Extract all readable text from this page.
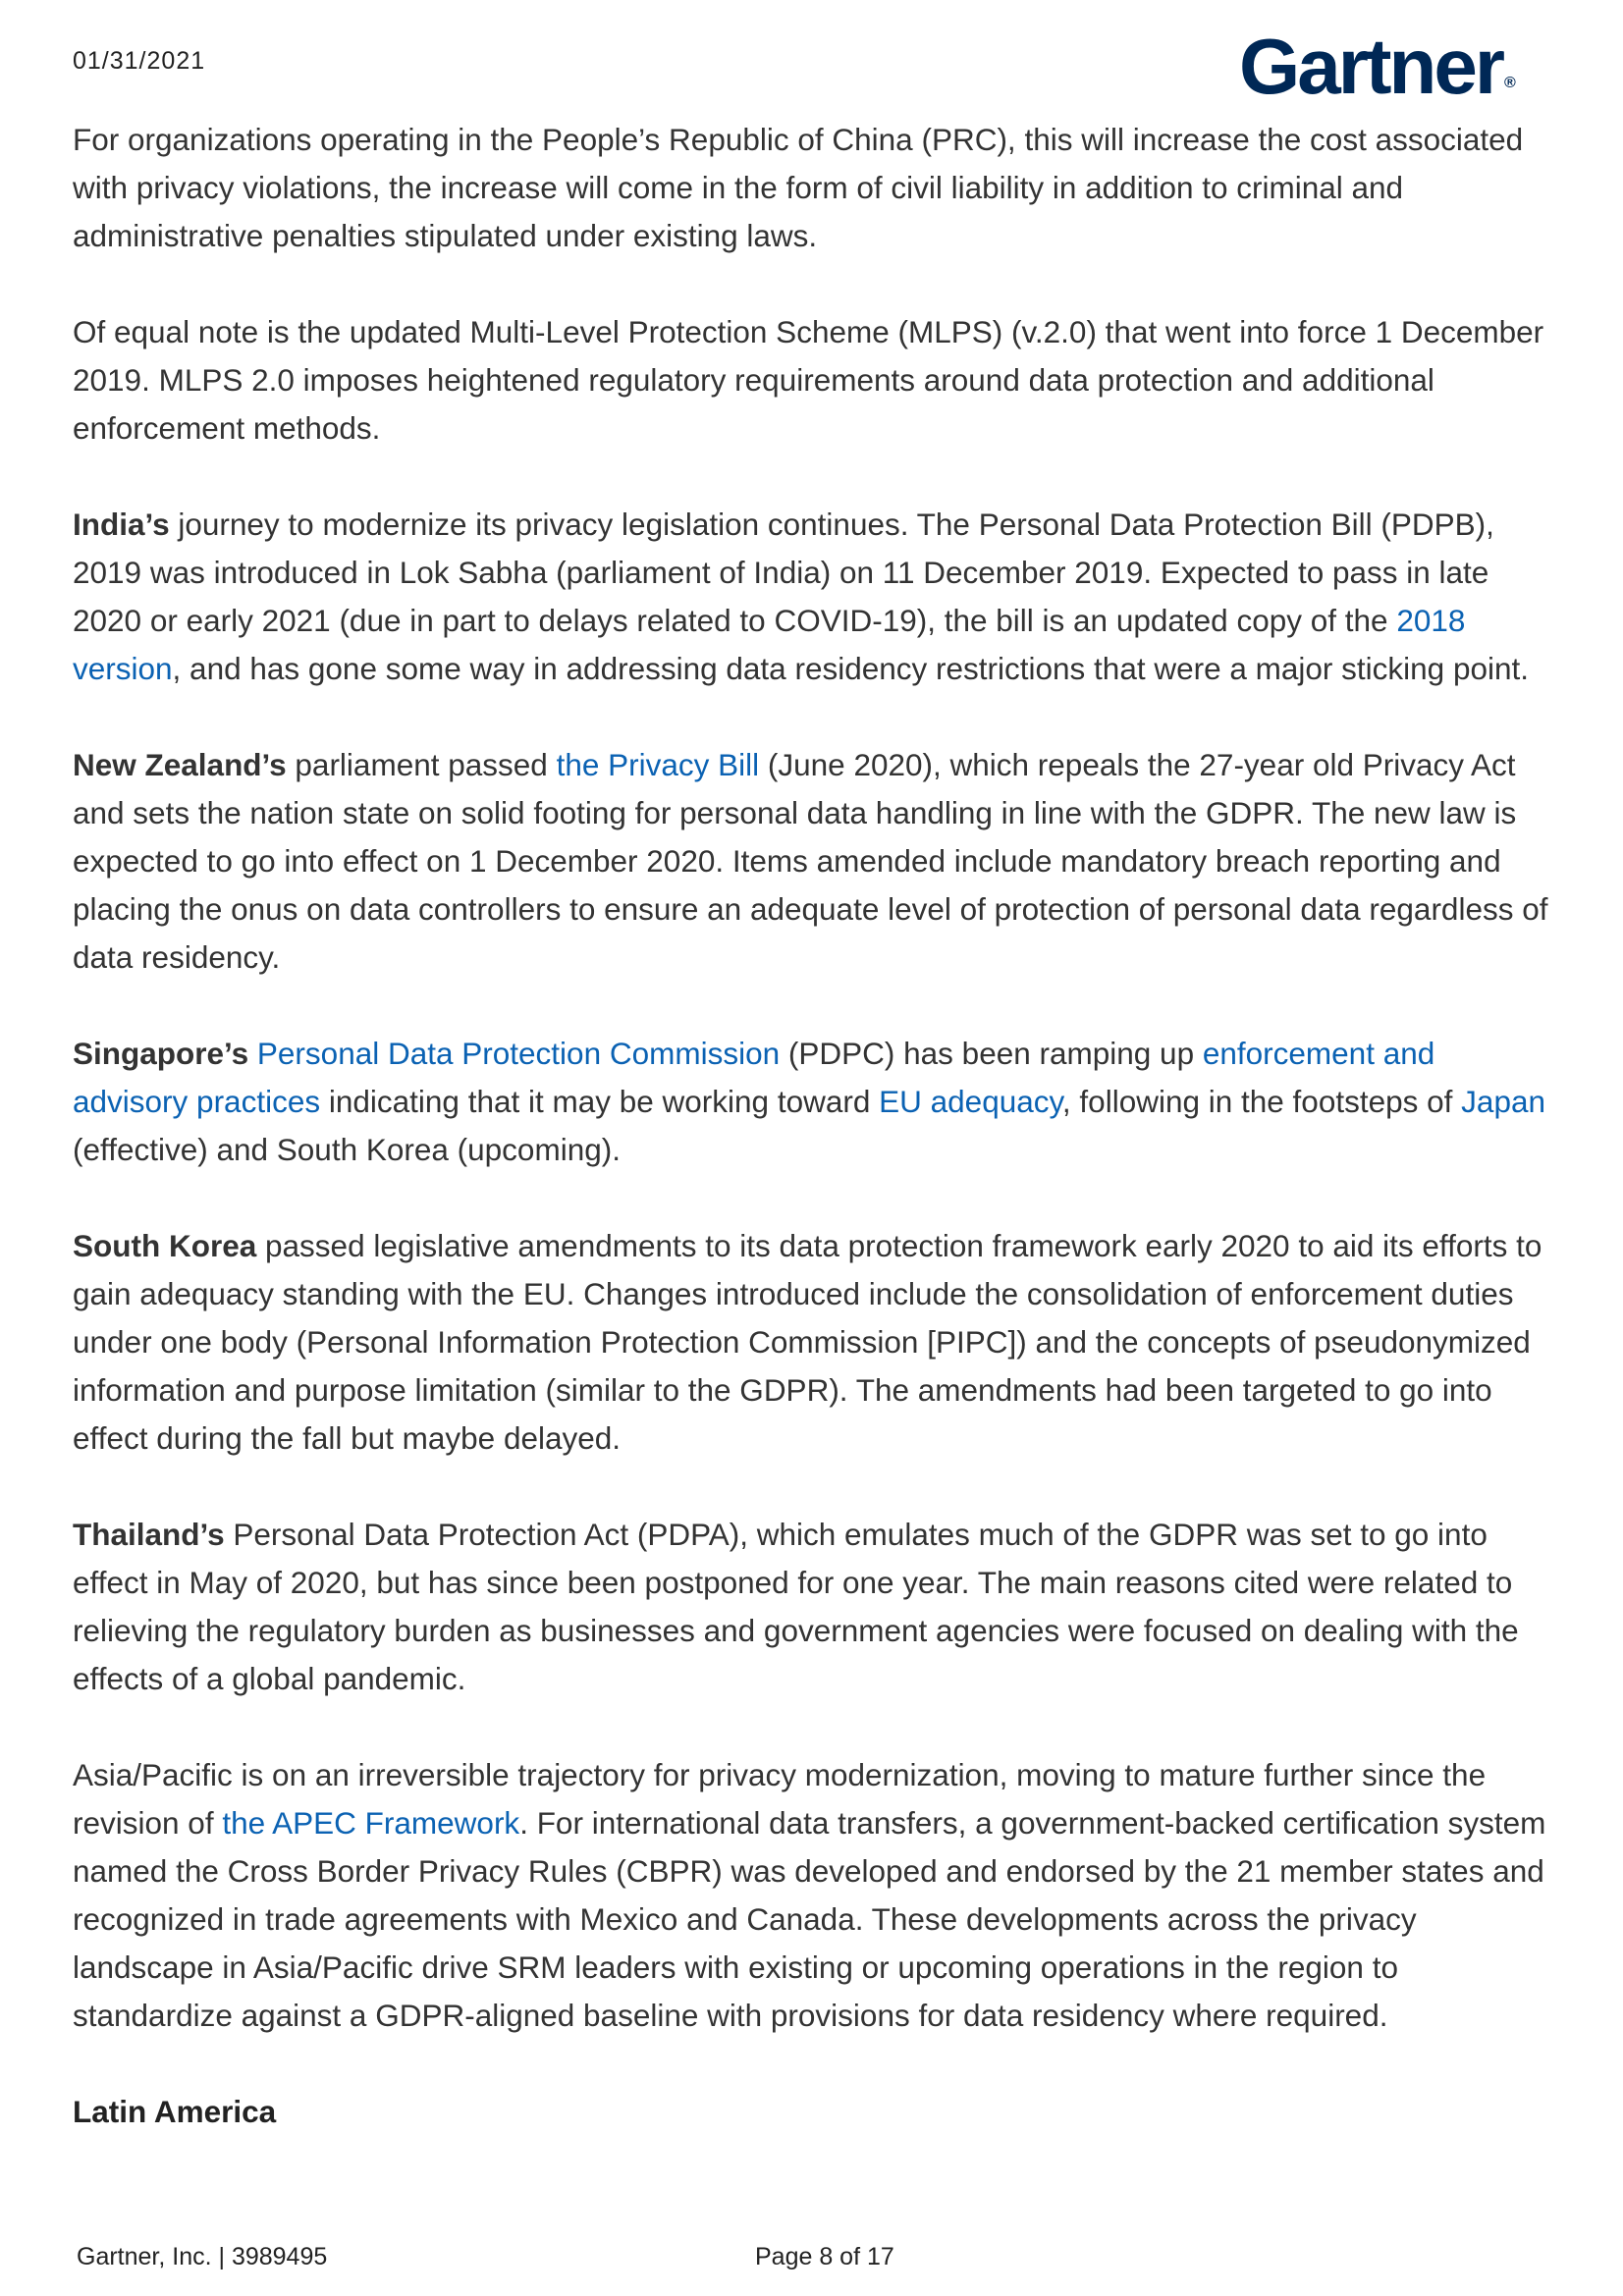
01/31/2021	Gartner ®

For organizations operating in the People’s Republic of China (PRC), this will increase the cost associated with privacy violations, the increase will come in the form of civil liability in addition to criminal and administrative penalties stipulated under existing laws.

Of equal note is the updated Multi-Level Protection Scheme (MLPS) (v.2.0) that went into force 1 December 2019. MLPS 2.0 imposes heightened regulatory requirements around data protection and additional enforcement methods.

India’s journey to modernize its privacy legislation continues. The Personal Data Protection Bill (PDPB), 2019 was introduced in Lok Sabha (parliament of India) on 11 December 2019. Expected to pass in late 2020 or early 2021 (due in part to delays related to COVID-19), the bill is an updated copy of the 2018 version, and has gone some way in addressing data residency restrictions that were a major sticking point.

New Zealand’s parliament passed the Privacy Bill (June 2020), which repeals the 27-year old Privacy Act and sets the nation state on solid footing for personal data handling in line with the GDPR. The new law is expected to go into effect on 1 December 2020. Items amended include mandatory breach reporting and placing the onus on data controllers to ensure an adequate level of protection of personal data regardless of data residency.

Singapore’s Personal Data Protection Commission (PDPC) has been ramping up enforcement and advisory practices indicating that it may be working toward EU adequacy, following in the footsteps of Japan (effective) and South Korea (upcoming).

South Korea passed legislative amendments to its data protection framework early 2020 to aid its efforts to gain adequacy standing with the EU. Changes introduced include the consolidation of enforcement duties under one body (Personal Information Protection Commission [PIPC]) and the concepts of pseudonymized information and purpose limitation (similar to the GDPR). The amendments had been targeted to go into effect during the fall but maybe delayed.

Thailand’s Personal Data Protection Act (PDPA), which emulates much of the GDPR was set to go into effect in May of 2020, but has since been postponed for one year. The main reasons cited were related to relieving the regulatory burden as businesses and government agencies were focused on dealing with the effects of a global pandemic.

Asia/Pacific is on an irreversible trajectory for privacy modernization, moving to mature further since the revision of the APEC Framework. For international data transfers, a government-backed certification system named the Cross Border Privacy Rules (CBPR) was developed and endorsed by the 21 member states and recognized in trade agreements with Mexico and Canada. These developments across the privacy landscape in Asia/Pacific drive SRM leaders with existing or upcoming operations in the region to standardize against a GDPR-aligned baseline with provisions for data residency where required.

Latin America
Gartner, Inc. | 3989495	Page 8 of 17
